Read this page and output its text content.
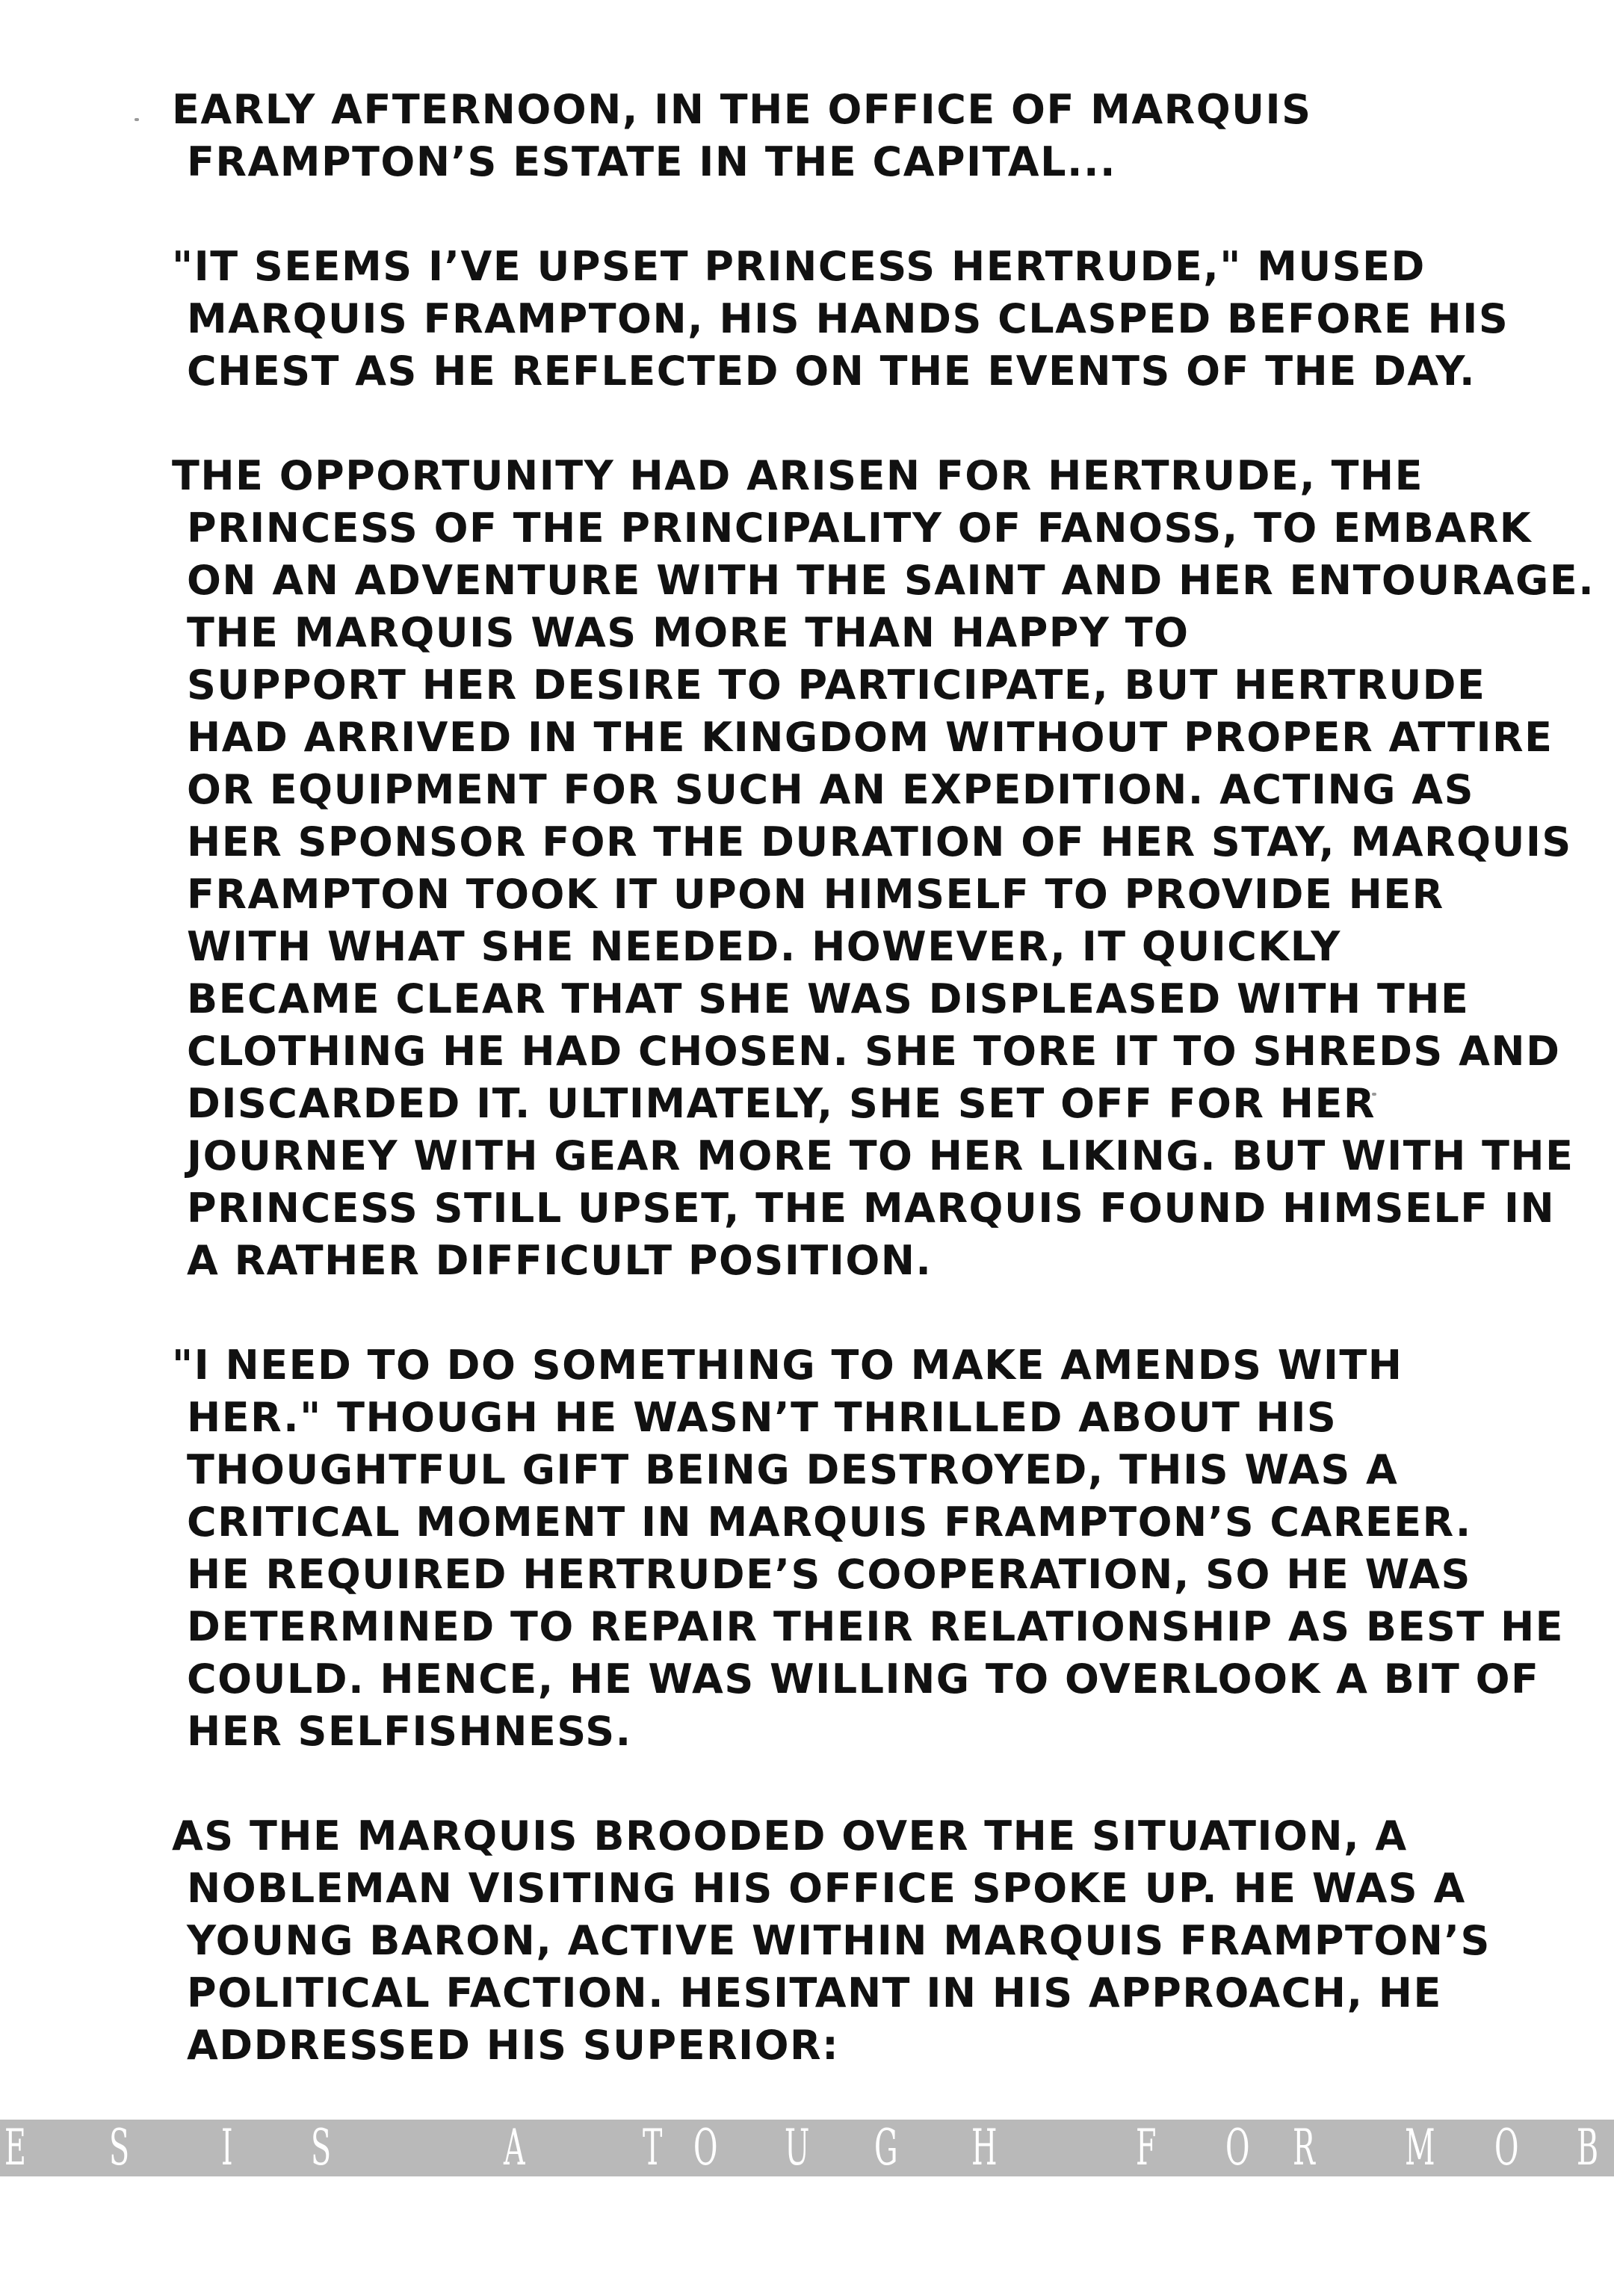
EARLY AFTERNOON, IN THE OFFICE OF MARQUIS
FRAMPTON’S ESTATE IN THE CAPITAL...

"IT SEEMS I’VE UPSET PRINCESS HERTRUDE," MUSED
MARQUIS FRAMPTON, HIS HANDS CLASPED BEFORE HIS
CHEST AS HE REFLECTED ON THE EVENTS OF THE DAY.

THE OPPORTUNITY HAD ARISEN FOR HERTRUDE, THE
PRINCESS OF THE PRINCIPALITY OF FANOSS, TO EMBARK
ON AN ADVENTURE WITH THE SAINT AND HER ENTOURAGE.
THE MARQUIS WAS MORE THAN HAPPY TO
SUPPORT HER DESIRE TO PARTICIPATE, BUT HERTRUDE
HAD ARRIVED IN THE KINGDOM WITHOUT PROPER ATTIRE
OR EQUIPMENT FOR SUCH AN EXPEDITION. ACTING AS
HER SPONSOR FOR THE DURATION OF HER STAY, MARQUIS
FRAMPTON TOOK IT UPON HIMSELF TO PROVIDE HER
WITH WHAT SHE NEEDED. HOWEVER, IT QUICKLY
BECAME CLEAR THAT SHE WAS DISPLEASED WITH THE
CLOTHING HE HAD CHOSEN. SHE TORE IT TO SHREDS AND
DISCARDED IT. ULTIMATELY, SHE SET OFF FOR HER
JOURNEY WITH GEAR MORE TO HER LIKING. BUT WITH THE
PRINCESS STILL UPSET, THE MARQUIS FOUND HIMSELF IN
A RATHER DIFFICULT POSITION.

"I NEED TO DO SOMETHING TO MAKE AMENDS WITH
HER." THOUGH HE WASN’T THRILLED ABOUT HIS
THOUGHTFUL GIFT BEING DESTROYED, THIS WAS A
CRITICAL MOMENT IN MARQUIS FRAMPTON’S CAREER.
HE REQUIRED HERTRUDE’S COOPERATION, SO HE WAS
DETERMINED TO REPAIR THEIR RELATIONSHIP AS BEST HE
COULD. HENCE, HE WAS WILLING TO OVERLOOK A BIT OF
HER SELFISHNESS.

AS THE MARQUIS BROODED OVER THE SITUATION, A
NOBLEMAN VISITING HIS OFFICE SPOKE UP. HE WAS A
YOUNG BARON, ACTIVE WITHIN MARQUIS FRAMPTON’S
POLITICAL FACTION. HESITANT IN HIS APPROACH, HE
ADDRESSED HIS SUPERIOR:

E S I S	A T O U G H	F O R M O B
